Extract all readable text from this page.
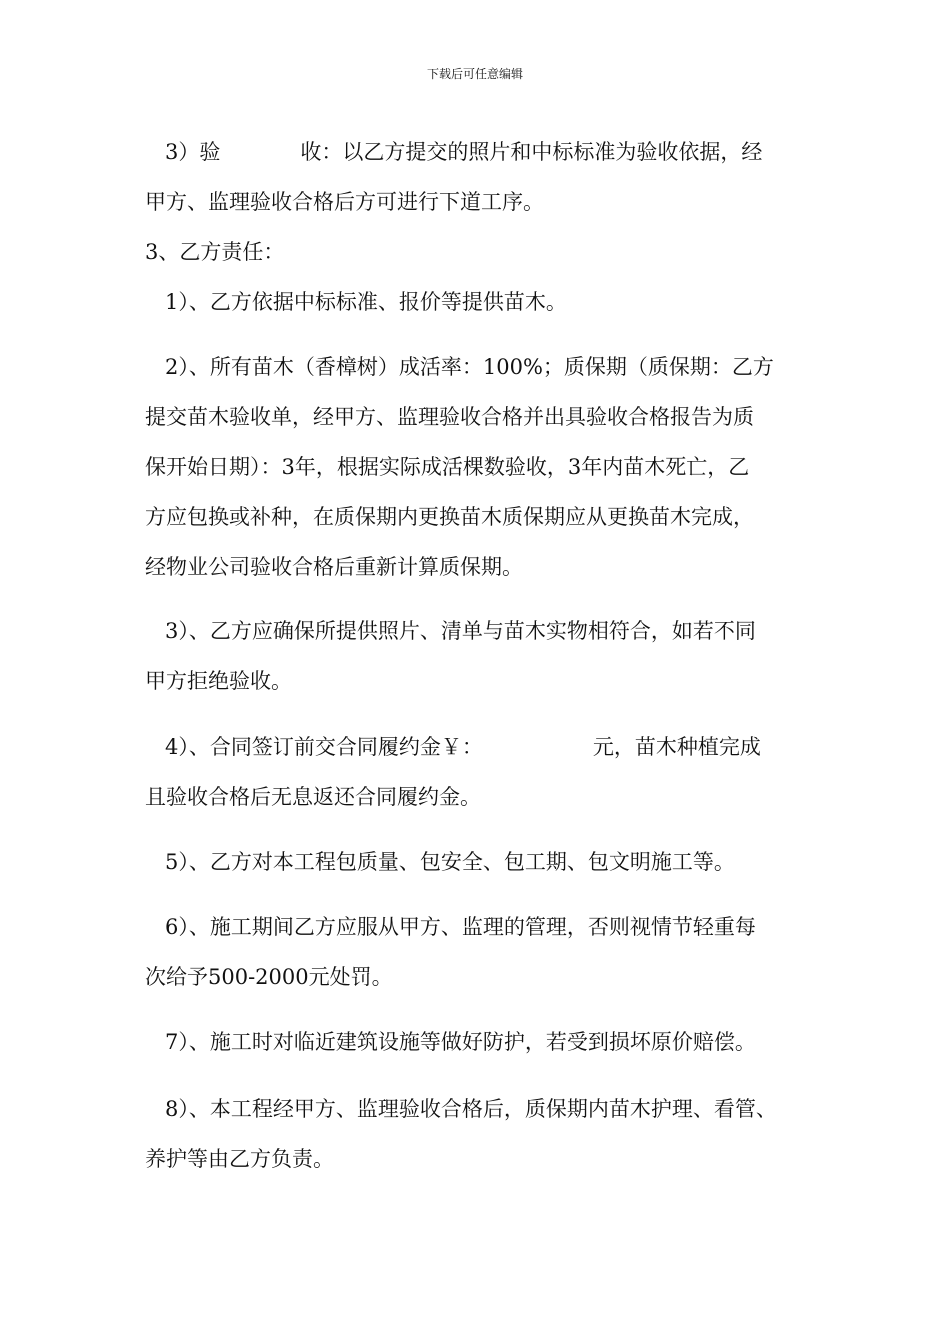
下载后可任意编辑
3）验	收：以乙方提交的照片和中标标准为验收依据，经
甲方、监理验收合格后方可进行下道工序。
3、乙方责任：
1）、乙方依据中标标准、报价等提供苗木。
2）、所有苗木（香樟树）成活率：100%；质保期（质保期：乙方
提交苗木验收单，经甲方、监理验收合格并出具验收合格报告为质
保开始日期）：3年，根据实际成活棵数验收，3年内苗木死亡，乙
方应包换或补种，在质保期内更换苗木质保期应从更换苗木完成，
经物业公司验收合格后重新计算质保期。
3）、乙方应确保所提供照片、清单与苗木实物相符合，如若不同
甲方拒绝验收。
4）、合同签订前交合同履约金￥：	元，苗木种植完成
且验收合格后无息返还合同履约金。
5）、乙方对本工程包质量、包安全、包工期、包文明施工等。
6）、施工期间乙方应服从甲方、监理的管理，否则视情节轻重每
次给予500-2000元处罚。
7）、施工时对临近建筑设施等做好防护，若受到损坏原价赔偿。
8）、本工程经甲方、监理验收合格后，质保期内苗木护理、看管、
养护等由乙方负责。
